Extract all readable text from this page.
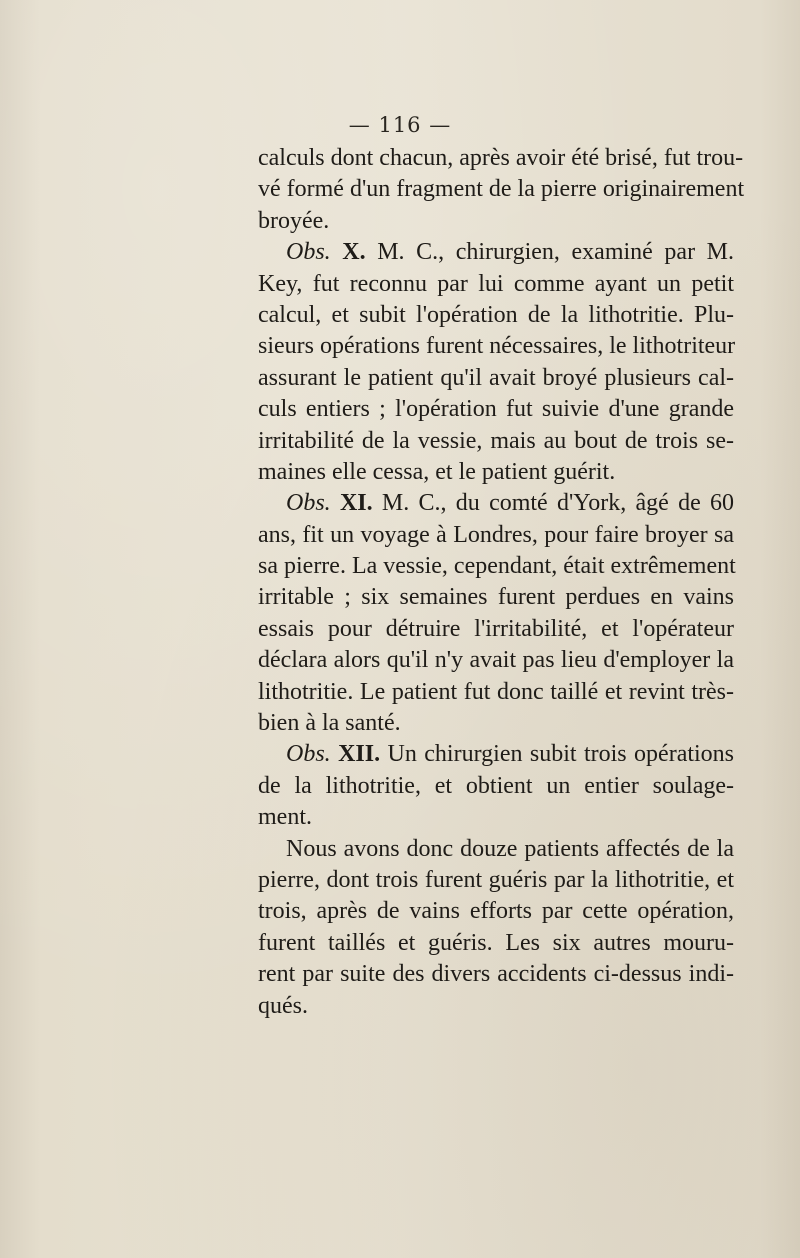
— 116 —
calculs dont chacun, après avoir été brisé, fut trou-
vé formé d'un fragment de la pierre originairement
broyée.
Obs. X. M. C., chirurgien, examiné par M.
Key, fut reconnu par lui comme ayant un petit
calcul, et subit l'opération de la lithotritie. Plu-
sieurs opérations furent nécessaires, le lithotriteur
assurant le patient qu'il avait broyé plusieurs cal-
culs entiers ; l'opération fut suivie d'une grande
irritabilité de la vessie, mais au bout de trois se-
maines elle cessa, et le patient guérit.
Obs. XI. M. C., du comté d'York, âgé de 60
ans, fit un voyage à Londres, pour faire broyer sa
sa pierre. La vessie, cependant, était extrêmement
irritable ; six semaines furent perdues en vains
essais pour détruire l'irritabilité, et l'opérateur
déclara alors qu'il n'y avait pas lieu d'employer la
lithotritie. Le patient fut donc taillé et revint très-
bien à la santé.
Obs. XII. Un chirurgien subit trois opérations
de la lithotritie, et obtient un entier soulage-
ment.
Nous avons donc douze patients affectés de la
pierre, dont trois furent guéris par la lithotritie, et
trois, après de vains efforts par cette opération,
furent taillés et guéris. Les six autres mouru-
rent par suite des divers accidents ci-dessus indi-
qués.
